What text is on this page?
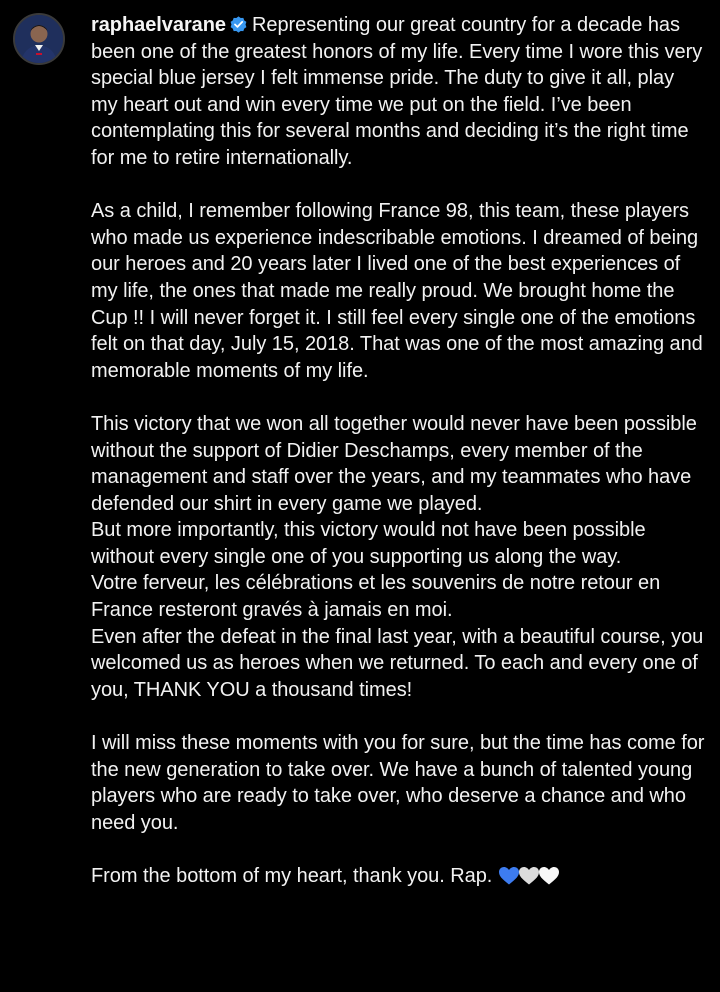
raphaelvarane Representing our great country for a decade has been one of the greatest honors of my life. Every time I wore this very special blue jersey I felt immense pride. The duty to give it all, play my heart out and win every time we put on the field. I’ve been contemplating this for several months and deciding it’s the right time for me to retire internationally.

As a child, I remember following France 98, this team, these players who made us experience indescribable emotions. I dreamed of being our heroes and 20 years later I lived one of the best experiences of my life, the ones that made me really proud. We brought home the Cup !! I will never forget it. I still feel every single one of the emotions felt on that day, July 15, 2018. That was one of the most amazing and memorable moments of my life.

This victory that we won all together would never have been possible without the support of Didier Deschamps, every member of the management and staff over the years, and my teammates who have defended our shirt in every game we played.

But more importantly, this victory would not have been possible without every single one of you supporting us along the way.

Votre ferveur, les célébrations et les souvenirs de notre retour en France resteront gravés à jamais en moi.

Even after the defeat in the final last year, with a beautiful course, you welcomed us as heroes when we returned. To each and every one of you, THANK YOU a thousand times!

I will miss these moments with you for sure, but the time has come for the new generation to take over. We have a bunch of talented young players who are ready to take over, who deserve a chance and who need you.

From the bottom of my heart, thank you. Rap.
